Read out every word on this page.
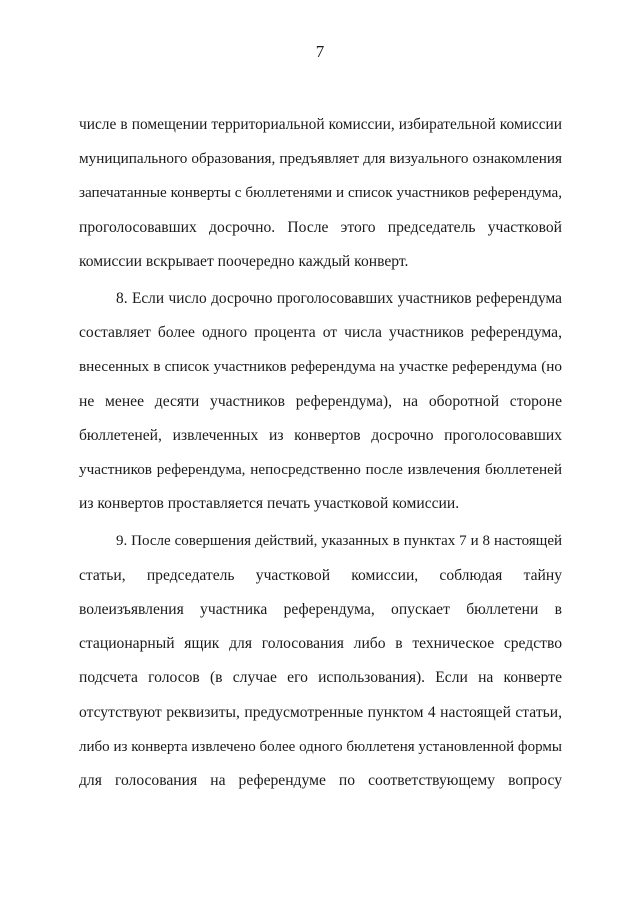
7
числе в помещении территориальной комиссии, избирательной комиссии
муниципального образования, предъявляет для визуального ознакомления
запечатанные конверты с бюллетенями и список участников референдума,
проголосовавших досрочно. После этого председатель участковой
комиссии вскрывает поочередно каждый конверт.
8. Если число досрочно проголосовавших участников референдума
составляет более одного процента от числа участников референдума,
внесенных в список участников референдума на участке референдума (но
не менее десяти участников референдума), на оборотной стороне
бюллетеней, извлеченных из конвертов досрочно проголосовавших
участников референдума, непосредственно после извлечения бюллетеней
из конвертов проставляется печать участковой комиссии.
9. После совершения действий, указанных в пунктах 7 и 8 настоящей
статьи, председатель участковой комиссии, соблюдая тайну
волеизъявления участника референдума, опускает бюллетени в
стационарный ящик для голосования либо в техническое средство
подсчета голосов (в случае его использования). Если на конверте
отсутствуют реквизиты, предусмотренные пунктом 4 настоящей статьи,
либо из конверта извлечено более одного бюллетеня установленной формы
для голосования на референдуме по соответствующему вопросу
